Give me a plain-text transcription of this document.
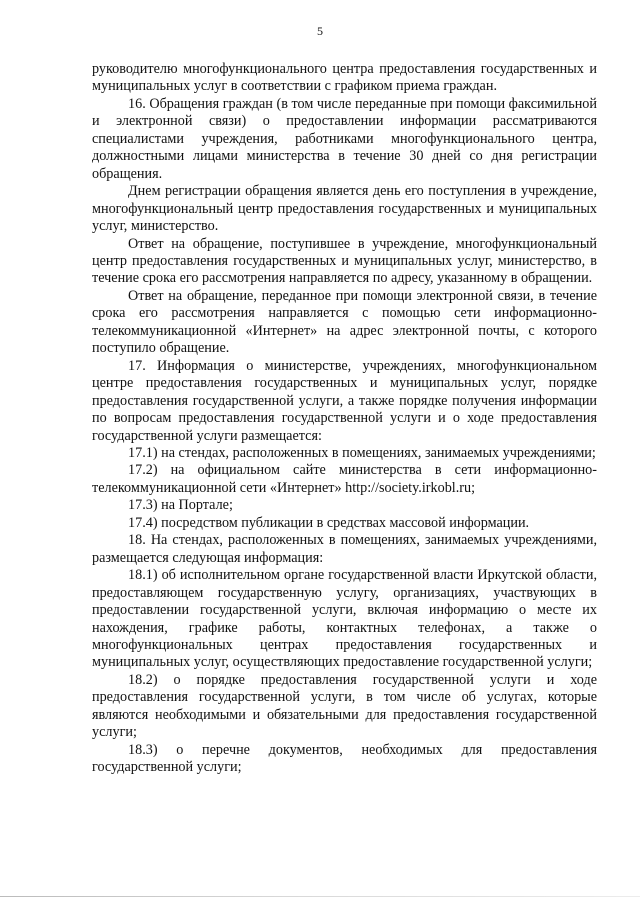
5

руководителю многофункционального центра предоставления государственных и муниципальных услуг в соответствии с графиком приема граждан.

16. Обращения граждан (в том числе переданные при помощи факсимильной и электронной связи) о предоставлении информации рассматриваются специалистами учреждения, работниками многофункционального центра, должностными лицами министерства в течение 30 дней со дня регистрации обращения.

Днем регистрации обращения является день его поступления в учреждение, многофункциональный центр предоставления государственных и муниципальных услуг, министерство.

Ответ на обращение, поступившее в учреждение, многофункциональный центр предоставления государственных и муниципальных услуг, министерство, в течение срока его рассмотрения направляется по адресу, указанному в обращении.

Ответ на обращение, переданное при помощи электронной связи, в течение срока его рассмотрения направляется с помощью сети информационно-телекоммуникационной «Интернет» на адрес электронной почты, с которого поступило обращение.

17. Информация о министерстве, учреждениях, многофункциональном центре предоставления государственных и муниципальных услуг, порядке предоставления государственной услуги, а также порядке получения информации по вопросам предоставления государственной услуги и о ходе предоставления государственной услуги размещается:

17.1) на стендах, расположенных в помещениях, занимаемых учреждениями;

17.2) на официальном сайте министерства в сети информационно-телекоммуникационной сети «Интернет» http://society.irkobl.ru;

17.3) на Портале;

17.4) посредством публикации в средствах массовой информации.

18. На стендах, расположенных в помещениях, занимаемых учреждениями, размещается следующая информация:

18.1) об исполнительном органе государственной власти Иркутской области, предоставляющем государственную услугу, организациях, участвующих в предоставлении государственной услуги, включая информацию о месте их нахождения, графике работы, контактных телефонах, а также о многофункциональных центрах предоставления государственных и муниципальных услуг, осуществляющих предоставление государственной услуги;

18.2) о порядке предоставления государственной услуги и ходе предоставления государственной услуги, в том числе об услугах, которые являются необходимыми и обязательными для предоставления государственной услуги;

18.3) о перечне документов, необходимых для предоставления государственной услуги;
